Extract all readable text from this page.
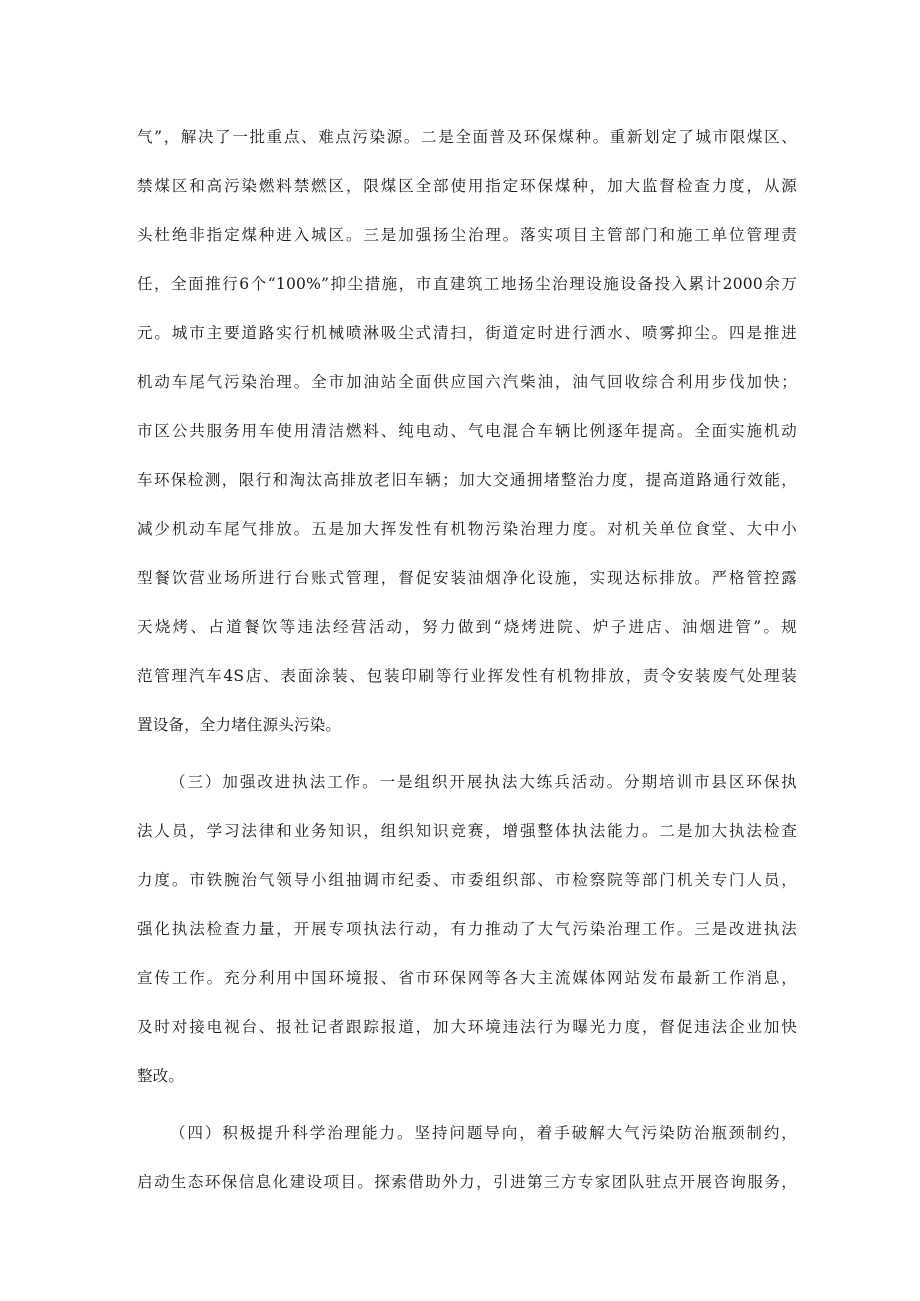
气”，解决了一批重点、难点污染源。二是全面普及环保煤种。重新划定了城市限煤区、
禁煤区和高污染燃料禁燃区，限煤区全部使用指定环保煤种，加大监督检查力度，从源
头杜绝非指定煤种进入城区。三是加强扬尘治理。落实项目主管部门和施工单位管理责
任，全面推行6个“100%”抑尘措施，市直建筑工地扬尘治理设施设备投入累计2000余万
元。城市主要道路实行机械喷淋吸尘式清扫，街道定时进行洒水、喷雾抑尘。四是推进
机动车尾气污染治理。全市加油站全面供应国六汽柴油，油气回收综合利用步伐加快；
市区公共服务用车使用清洁燃料、纯电动、气电混合车辆比例逐年提高。全面实施机动
车环保检测，限行和淘汰高排放老旧车辆；加大交通拥堵整治力度，提高道路通行效能，
减少机动车尾气排放。五是加大挥发性有机物污染治理力度。对机关单位食堂、大中小
型餐饮营业场所进行台账式管理，督促安装油烟净化设施，实现达标排放。严格管控露
天烧烤、占道餐饮等违法经营活动，努力做到“烧烤进院、炉子进店、油烟进管”。规
范管理汽车4S店、表面涂装、包装印刷等行业挥发性有机物排放，责令安装废气处理装
置设备，全力堵住源头污染。
（三）加强改进执法工作。一是组织开展执法大练兵活动。分期培训市县区环保执
法人员，学习法律和业务知识，组织知识竞赛，增强整体执法能力。二是加大执法检查
力度。市铁腕治气领导小组抽调市纪委、市委组织部、市检察院等部门机关专门人员，
强化执法检查力量，开展专项执法行动，有力推动了大气污染治理工作。三是改进执法
宣传工作。充分利用中国环境报、省市环保网等各大主流媒体网站发布最新工作消息，
及时对接电视台、报社记者跟踪报道，加大环境违法行为曝光力度，督促违法企业加快
整改。
（四）积极提升科学治理能力。坚持问题导向，着手破解大气污染防治瓶颈制约，
启动生态环保信息化建设项目。探索借助外力，引进第三方专家团队驻点开展咨询服务，
